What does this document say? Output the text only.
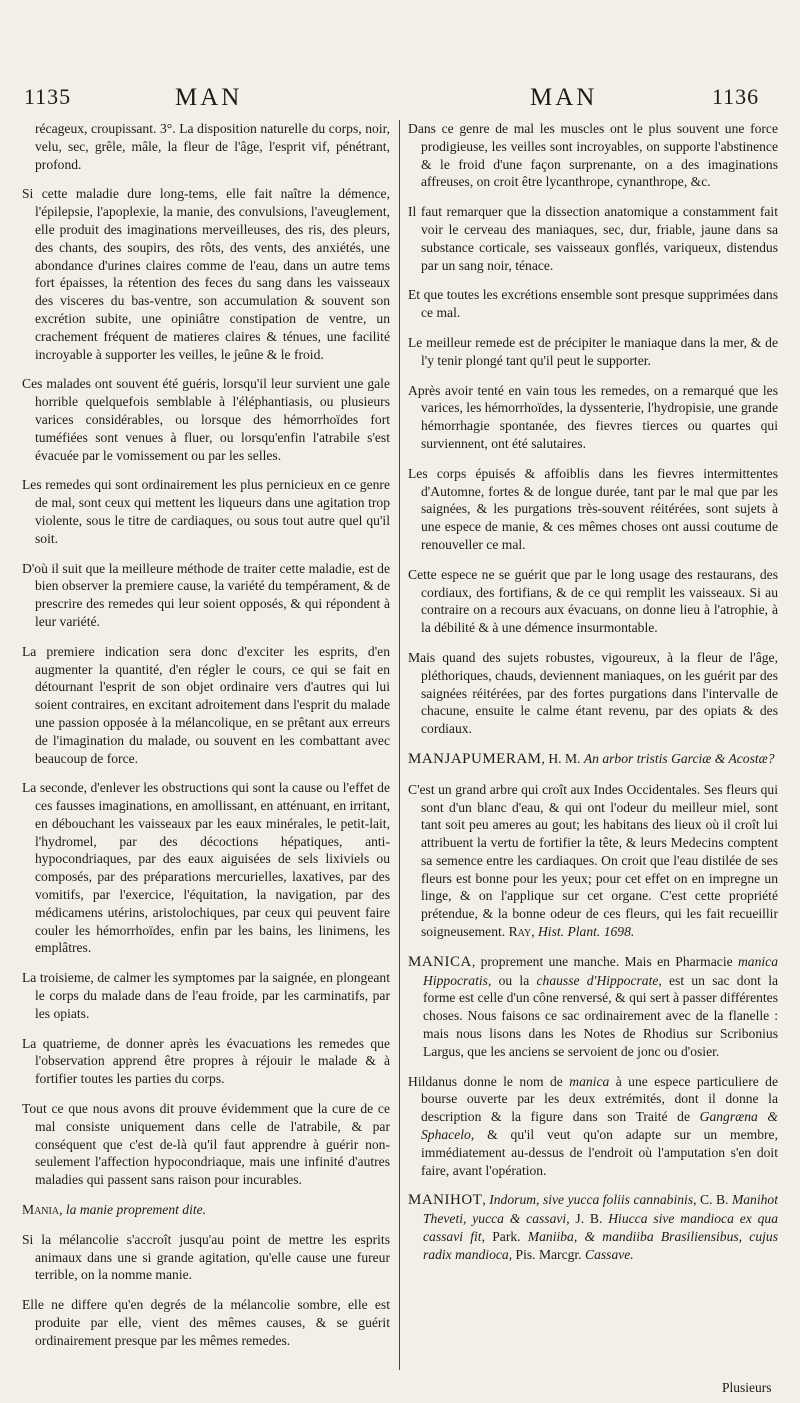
1135	MAN	MAN	1136

récageux, croupissant. 3°. La disposition naturelle du corps, noir, velu, sec, grêle, mâle, la fleur de l'âge, l'esprit vif, pénétrant, profond.

Si cette maladie dure long-tems, elle fait naître la démence, l'épilepsie, l'apoplexie, la manie, des convulsions, l'aveuglement, elle produit des imaginations merveilleuses, des ris, des pleurs, des chants, des soupirs, des rôts, des vents, des anxiétés, une abondance d'urines claires comme de l'eau, dans un autre tems fort épaisses, la rétention des feces du sang dans les vaisseaux des visceres du bas-ventre, son accumulation & souvent son excrétion subite, une opiniâtre constipation de ventre, un crachement fréquent de matieres claires & ténues, une facilité incroyable à supporter les veilles, le jeûne & le froid.

Ces malades ont souvent été guéris, lorsqu'il leur survient une gale horrible quelquefois semblable à l'éléphantiasis, ou plusieurs varices considérables, ou lorsque des hémorrhoïdes fort tuméfiées sont venues à fluer, ou lorsqu'enfin l'atrabile s'est évacuée par le vomissement ou par les selles.

Les remedes qui sont ordinairement les plus pernicieux en ce genre de mal, sont ceux qui mettent les liqueurs dans une agitation trop violente, sous le titre de cardiaques, ou sous tout autre quel qu'il soit.

D'où il suit que la meilleure méthode de traiter cette maladie, est de bien observer la premiere cause, la variété du tempérament, & de prescrire des remedes qui leur soient opposés, & qui répondent à leur variété.

La premiere indication sera donc d'exciter les esprits, d'en augmenter la quantité, d'en régler le cours, ce qui se fait en détournant l'esprit de son objet ordinaire vers d'autres qui lui soient contraires, en excitant adroitement dans l'esprit du malade une passion opposée à la mélancolique, en se prêtant aux erreurs de l'imagination du malade, ou souvent en les combattant avec beaucoup de force.

La seconde, d'enlever les obstructions qui sont la cause ou l'effet de ces fausses imaginations, en amollissant, en atténuant, en irritant, en débouchant les vaisseaux par les eaux minérales, le petit-lait, l'hydromel, par des décoctions hépatiques, anti-hypocondriaques, par des eaux aiguisées de sels lixiviels ou composés, par des préparations mercurielles, laxatives, par des vomitifs, par l'exercice, l'équitation, la navigation, par des médicamens utérins, aristolochiques, par ceux qui peuvent faire couler les hémorrhoïdes, enfin par les bains, les linimens, les emplâtres.

La troisieme, de calmer les symptomes par la saignée, en plongeant le corps du malade dans de l'eau froide, par les carminatifs, par les opiats.

La quatrieme, de donner après les évacuations les remedes que l'observation apprend être propres à réjouir le malade & à fortifier toutes les parties du corps.

Tout ce que nous avons dit prouve évidemment que la cure de ce mal consiste uniquement dans celle de l'atrabile, & par conséquent que c'est de-là qu'il faut apprendre à guérir non-seulement l'affection hypocondriaque, mais une infinité d'autres maladies qui passent sans raison pour incurables.

Mania, la manie proprement dite.

Si la mélancolie s'accroît jusqu'au point de mettre les esprits animaux dans une si grande agitation, qu'elle cause une fureur terrible, on la nomme manie.

Elle ne differe qu'en degrés de la mélancolie sombre, elle est produite par elle, vient des mêmes causes, & se guérit ordinairement presque par les mêmes remedes.

Dans ce genre de mal les muscles ont le plus souvent une force prodigieuse, les veilles sont incroyables, on supporte l'abstinence & le froid d'une façon surprenante, on a des imaginations affreuses, on croit être lycanthrope, cynanthrope, &c.

Il faut remarquer que la dissection anatomique a constamment fait voir le cerveau des maniaques, sec, dur, friable, jaune dans sa substance corticale, ses vaisseaux gonflés, variqueux, distendus par un sang noir, ténace.

Et que toutes les excrétions ensemble sont presque supprimées dans ce mal.

Le meilleur remede est de précipiter le maniaque dans la mer, & de l'y tenir plongé tant qu'il peut le supporter.

Après avoir tenté en vain tous les remedes, on a remarqué que les varices, les hémorrhoïdes, la dyssenterie, l'hydropisie, une grande hémorrhagie spontanée, des fievres tierces ou quartes qui surviennent, ont été salutaires.

Les corps épuisés & affoiblis dans les fievres intermittentes d'Automne, fortes & de longue durée, tant par le mal que par les saignées, & les purgations très-souvent réitérées, sont sujets à une espece de manie, & ces mêmes choses ont aussi coutume de renouveller ce mal.

Cette espece ne se guérit que par le long usage des restaurans, des cordiaux, des fortifians, & de ce qui remplit les vaisseaux. Si au contraire on a recours aux évacuans, on donne lieu à l'atrophie, à la débilité & à une démence insurmontable.

Mais quand des sujets robustes, vigoureux, à la fleur de l'âge, pléthoriques, chauds, deviennent maniaques, on les guérit par des saignées réitérées, par des fortes purgations dans l'intervalle de chacune, ensuite le calme étant revenu, par des opiats & des cordiaux.

MANJAPUMERAM, H. M. An arbor tristis Garciæ & Acostæ?

C'est un grand arbre qui croît aux Indes Occidentales. Ses fleurs qui sont d'un blanc d'eau, & qui ont l'odeur du meilleur miel, sont tant soit peu ameres au gout; les habitans des lieux où il croît lui attribuent la vertu de fortifier la tête, & leurs Medecins comptent sa semence entre les cardiaques. On croit que l'eau distilée de ses fleurs est bonne pour les yeux; pour cet effet on en impregne un linge, & on l'applique sur cet organe. C'est cette propriété prétendue, & la bonne odeur de ces fleurs, qui les fait recueillir soigneusement. Ray, Hist. Plant. 1698.

MANICA, proprement une manche. Mais en Pharmacie manica Hippocratis, ou la chausse d'Hippocrate, est un sac dont la forme est celle d'un cône renversé, & qui sert à passer différentes choses. Nous faisons ce sac ordinairement avec de la flanelle : mais nous lisons dans les Notes de Rhodius sur Scribonius Largus, que les anciens se servoient de jonc ou d'osier.

Hildanus donne le nom de manica à une espece particuliere de bourse ouverte par les deux extrémités, dont il donne la description & la figure dans son Traité de Gangræna & Sphacelo, & qu'il veut qu'on adapte sur un membre, immédiatement au-dessus de l'endroit où l'amputation s'en doit faire, avant l'opération.

MANIHOT, Indorum, sive yucca foliis cannabinis, C. B. Manihot Theveti, yucca & cassavi, J. B. Hiucca sive mandioca ex qua cassavi fit, Park. Maniiba, & mandiiba Brasiliensibus, cujus radix mandioca, Pis. Marcgr. Cassave.

Plusieurs
